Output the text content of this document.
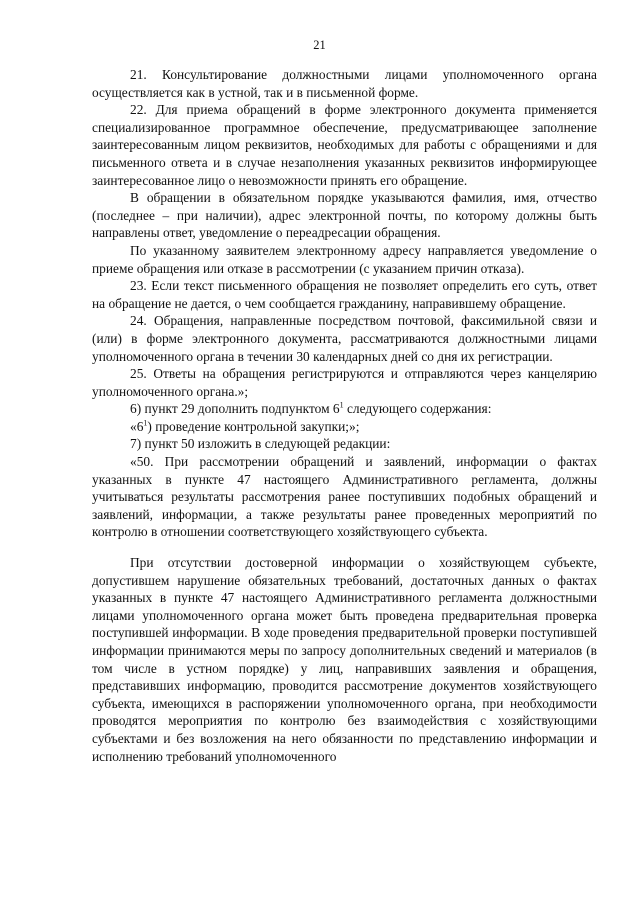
21

21. Консультирование должностными лицами уполномоченного органа осуществляется как в устной, так и в письменной форме.

22. Для приема обращений в форме электронного документа применяется специализированное программное обеспечение, предусматривающее заполнение заинтересованным лицом реквизитов, необходимых для работы с обращениями и для письменного ответа и в случае незаполнения указанных реквизитов информирующее заинтересованное лицо о невозможности принять его обращение.

В обращении в обязательном порядке указываются фамилия, имя, отчество (последнее – при наличии), адрес электронной почты, по которому должны быть направлены ответ, уведомление о переадресации обращения.

По указанному заявителем электронному адресу направляется уведомление о приеме обращения или отказе в рассмотрении (с указанием причин отказа).

23. Если текст письменного обращения не позволяет определить его суть, ответ на обращение не дается, о чем сообщается гражданину, направившему обращение.

24. Обращения, направленные посредством почтовой, факсимильной связи и (или) в форме электронного документа, рассматриваются должностными лицами уполномоченного органа в течении 30 календарных дней со дня их регистрации.

25. Ответы на обращения регистрируются и отправляются через канцелярию уполномоченного органа.»;

6) пункт 29 дополнить подпунктом $6^1$ следующего содержания:

«$6^1$) проведение контрольной закупки;»;

7) пункт 50 изложить в следующей редакции:

«50. При рассмотрении обращений и заявлений, информации о фактах указанных в пункте 47 настоящего Административного регламента, должны учитываться результаты рассмотрения ранее поступивших подобных обращений и заявлений, информации, а также результаты ранее проведенных мероприятий по контролю в отношении соответствующего хозяйствующего субъекта.

При отсутствии достоверной информации о хозяйствующем субъекте, допустившем нарушение обязательных требований, достаточных данных о фактах указанных в пункте 47 настоящего Административного регламента должностными лицами уполномоченного органа может быть проведена предварительная проверка поступившей информации. В ходе проведения предварительной проверки поступившей информации принимаются меры по запросу дополнительных сведений и материалов (в том числе в устном порядке) у лиц, направивших заявления и обращения, представивших информацию, проводится рассмотрение документов хозяйствующего субъекта, имеющихся в распоряжении уполномоченного органа, при необходимости проводятся мероприятия по контролю без взаимодействия с хозяйствующими субъектами и без возложения на него обязанности по представлению информации и исполнению требований уполномоченного
